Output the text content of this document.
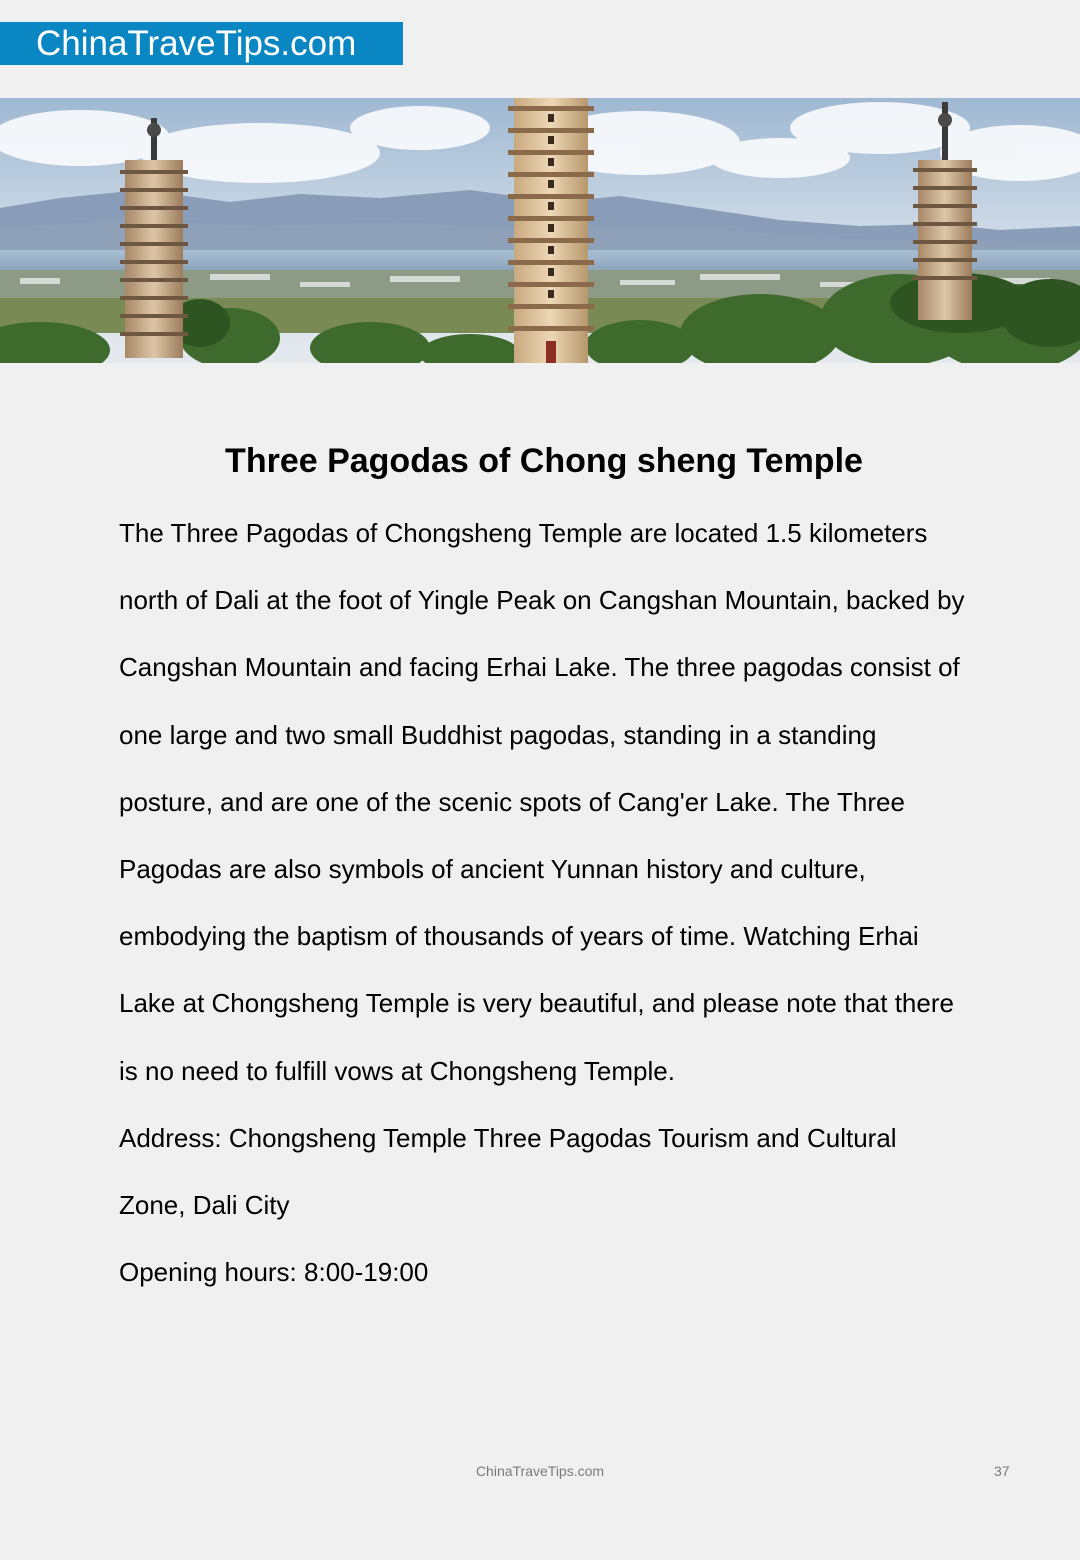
ChinaTraveTips.com
Three Pagodas of Chong sheng Temple

The Three Pagodas of Chongsheng Temple are located 1.5 kilometers north of Dali at the foot of Yingle Peak on Cangshan Mountain, backed by Cangshan Mountain and facing Erhai Lake. The three pagodas consist of one large and two small Buddhist pagodas, standing in a standing posture, and are one of the scenic spots of Cang'er Lake. The Three Pagodas are also symbols of ancient Yunnan history and culture, embodying the baptism of thousands of years of time. Watching Erhai Lake at Chongsheng Temple is very beautiful, and please note that there is no need to fulfill vows at Chongsheng Temple.

Address: Chongsheng Temple Three Pagodas Tourism and Cultural Zone, Dali City

Opening hours: 8:00-19:00

ChinaTraveTips.com	37
